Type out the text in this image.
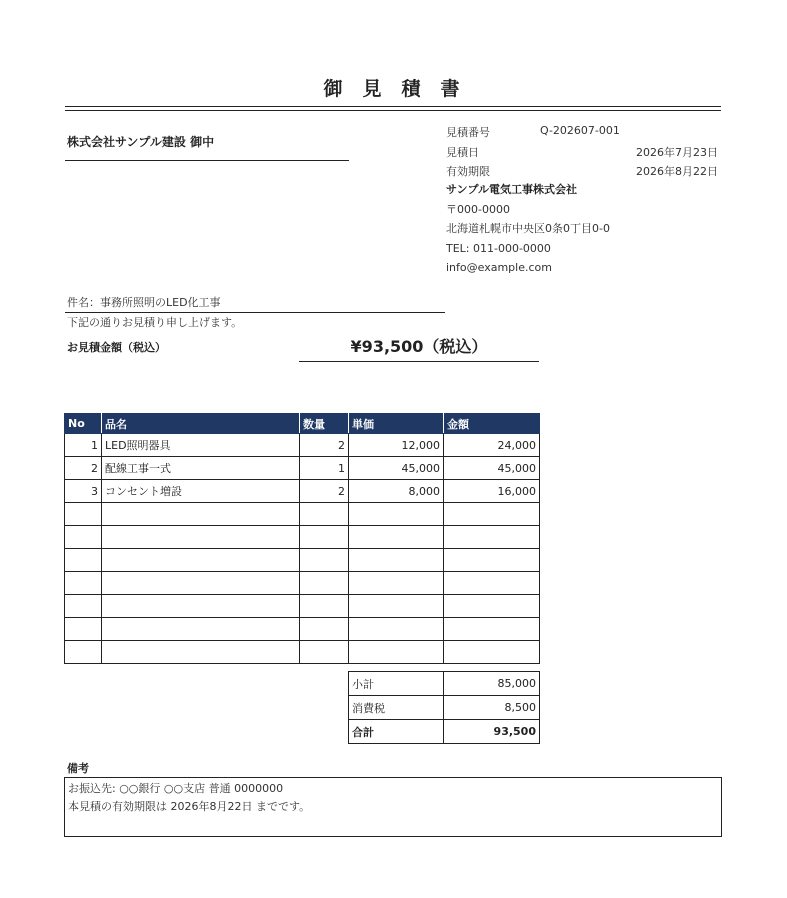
御見積書
株式会社サンプル建設 御中
見積番号	Q-202607-001
見積日	2026年7月23日
有効期限	2026年8月22日
サンプル電気工事株式会社
〒000-0000
北海道札幌市中央区0条0丁目0-0
TEL: 011-000-0000
info@example.com
件名：事務所照明のLED化工事
下記の通りお見積り申し上げます。
お見積金額（税込）	¥93,500（税込）
No	品名	数量	単価	金額
1	LED照明器具	2	12,000	24,000
2	配線工事一式	1	45,000	45,000
3	コンセント増設	2	8,000	16,000

小計	85,000
消費税	8,500
合計	93,500
備考
お振込先: ○○銀行 ○○支店 普通 0000000
本見積の有効期限は 2026年8月22日 までです。
